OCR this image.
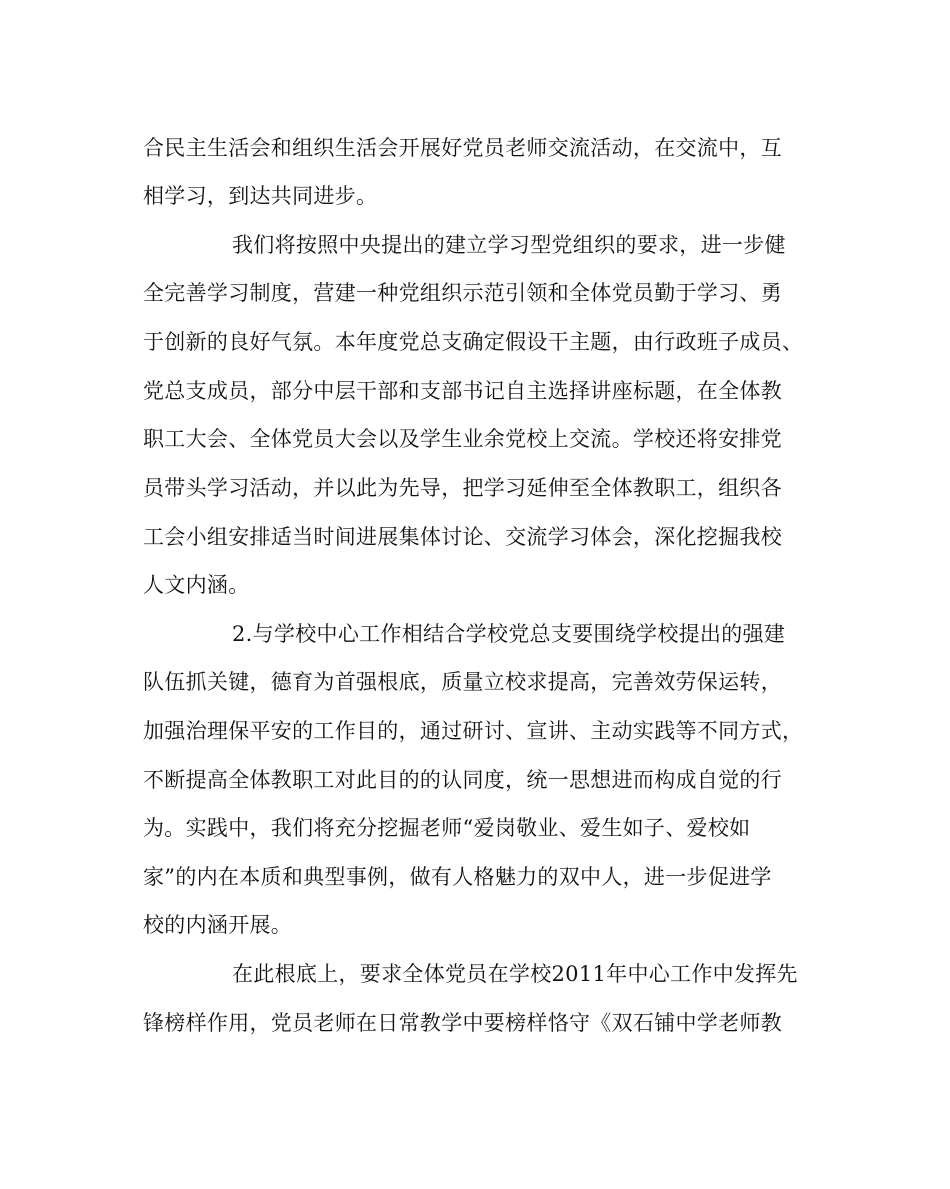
合民主生活会和组织生活会开展好党员老师交流活动，在交流中，互
相学习，到达共同进步。
我们将按照中央提出的建立学习型党组织的要求，进一步健
全完善学习制度，营建一种党组织示范引领和全体党员勤于学习、勇
于创新的良好气氛。本年度党总支确定假设干主题，由行政班子成员、
党总支成员，部分中层干部和支部书记自主选择讲座标题，在全体教
职工大会、全体党员大会以及学生业余党校上交流。学校还将安排党
员带头学习活动，并以此为先导，把学习延伸至全体教职工，组织各
工会小组安排适当时间进展集体讨论、交流学习体会，深化挖掘我校
人文内涵。
2.与学校中心工作相结合学校党总支要围绕学校提出的强建
队伍抓关键，德育为首强根底，质量立校求提高，完善效劳保运转，
加强治理保平安的工作目的，通过研讨、宣讲、主动实践等不同方式，
不断提高全体教职工对此目的的认同度，统一思想进而构成自觉的行
为。实践中，我们将充分挖掘老师“爱岗敬业、爱生如子、爱校如
家”的内在本质和典型事例，做有人格魅力的双中人，进一步促进学
校的内涵开展。
在此根底上，要求全体党员在学校2011年中心工作中发挥先
锋榜样作用，党员老师在日常教学中要榜样恪守《双石铺中学老师教
